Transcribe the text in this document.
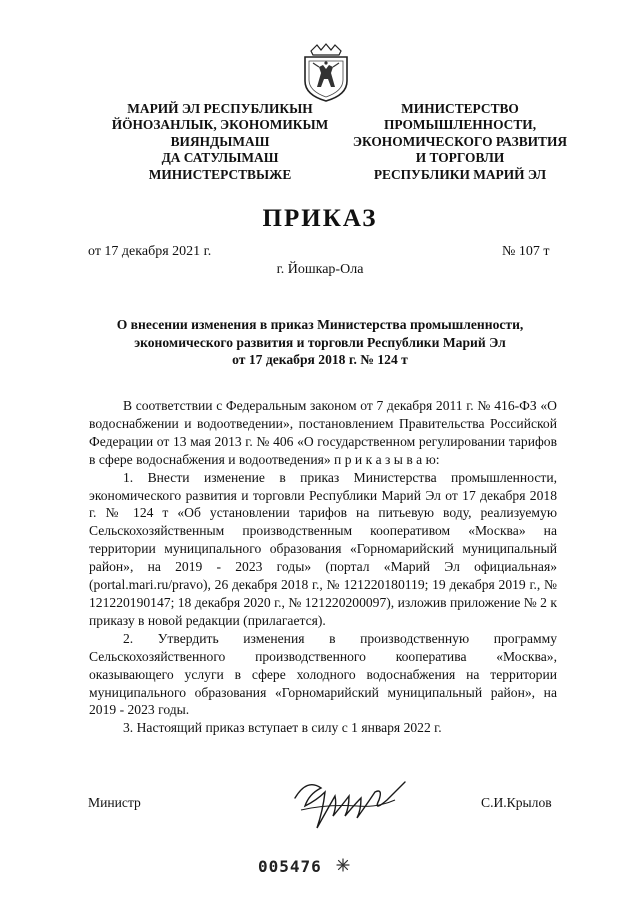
МАРИЙ ЭЛ РЕСПУБЛИКЫН
ЙӦНОЗАНЛЫК, ЭКОНОМИКЫМ
ВИЯНДЫМАШ
ДА САТУЛЫМАШ
МИНИСТЕРСТВЫЖЕ
МИНИСТЕРСТВО
ПРОМЫШЛЕННОСТИ,
ЭКОНОМИЧЕСКОГО РАЗВИТИЯ
И ТОРГОВЛИ
РЕСПУБЛИКИ МАРИЙ ЭЛ
ПРИКАЗ
от 17 декабря 2021 г.	№ 107 т
г. Йошкар-Ола
О внесении изменения в приказ Министерства промышленности,
экономического развития и торговли Республики Марий Эл
от 17 декабря 2018 г. № 124 т

В соответствии с Федеральным законом от 7 декабря 2011 г. № 416-ФЗ «О водоснабжении и водоотведении», постановлением Правительства Российской Федерации от 13 мая 2013 г. № 406 «О государственном регулировании тарифов в сфере водоснабжения и водоотведения» п р и к а з ы в а ю:

1. Внести изменение в приказ Министерства промышленности, экономического развития и торговли Республики Марий Эл от 17 декабря 2018 г. № 124 т «Об установлении тарифов на питьевую воду, реализуемую Сельскохозяйственным производственным кооперативом «Москва» на территории муниципального образования «Горномарийский муниципальный район», на 2019 - 2023 годы» (портал «Марий Эл официальная» (portal.mari.ru/pravo), 26 декабря 2018 г., № 121220180119; 19 декабря 2019 г., № 121220190147; 18 декабря 2020 г., № 121220200097), изложив приложение № 2 к приказу в новой редакции (прилагается).

2. Утвердить изменения в производственную программу Сельскохозяйственного производственного кооператива «Москва», оказывающего услуги в сфере холодного водоснабжения на территории муниципального образования «Горномарийский муниципальный район», на 2019 - 2023 годы.

3. Настоящий приказ вступает в силу с 1 января 2022 г.

Министр	С.И.Крылов
005476
